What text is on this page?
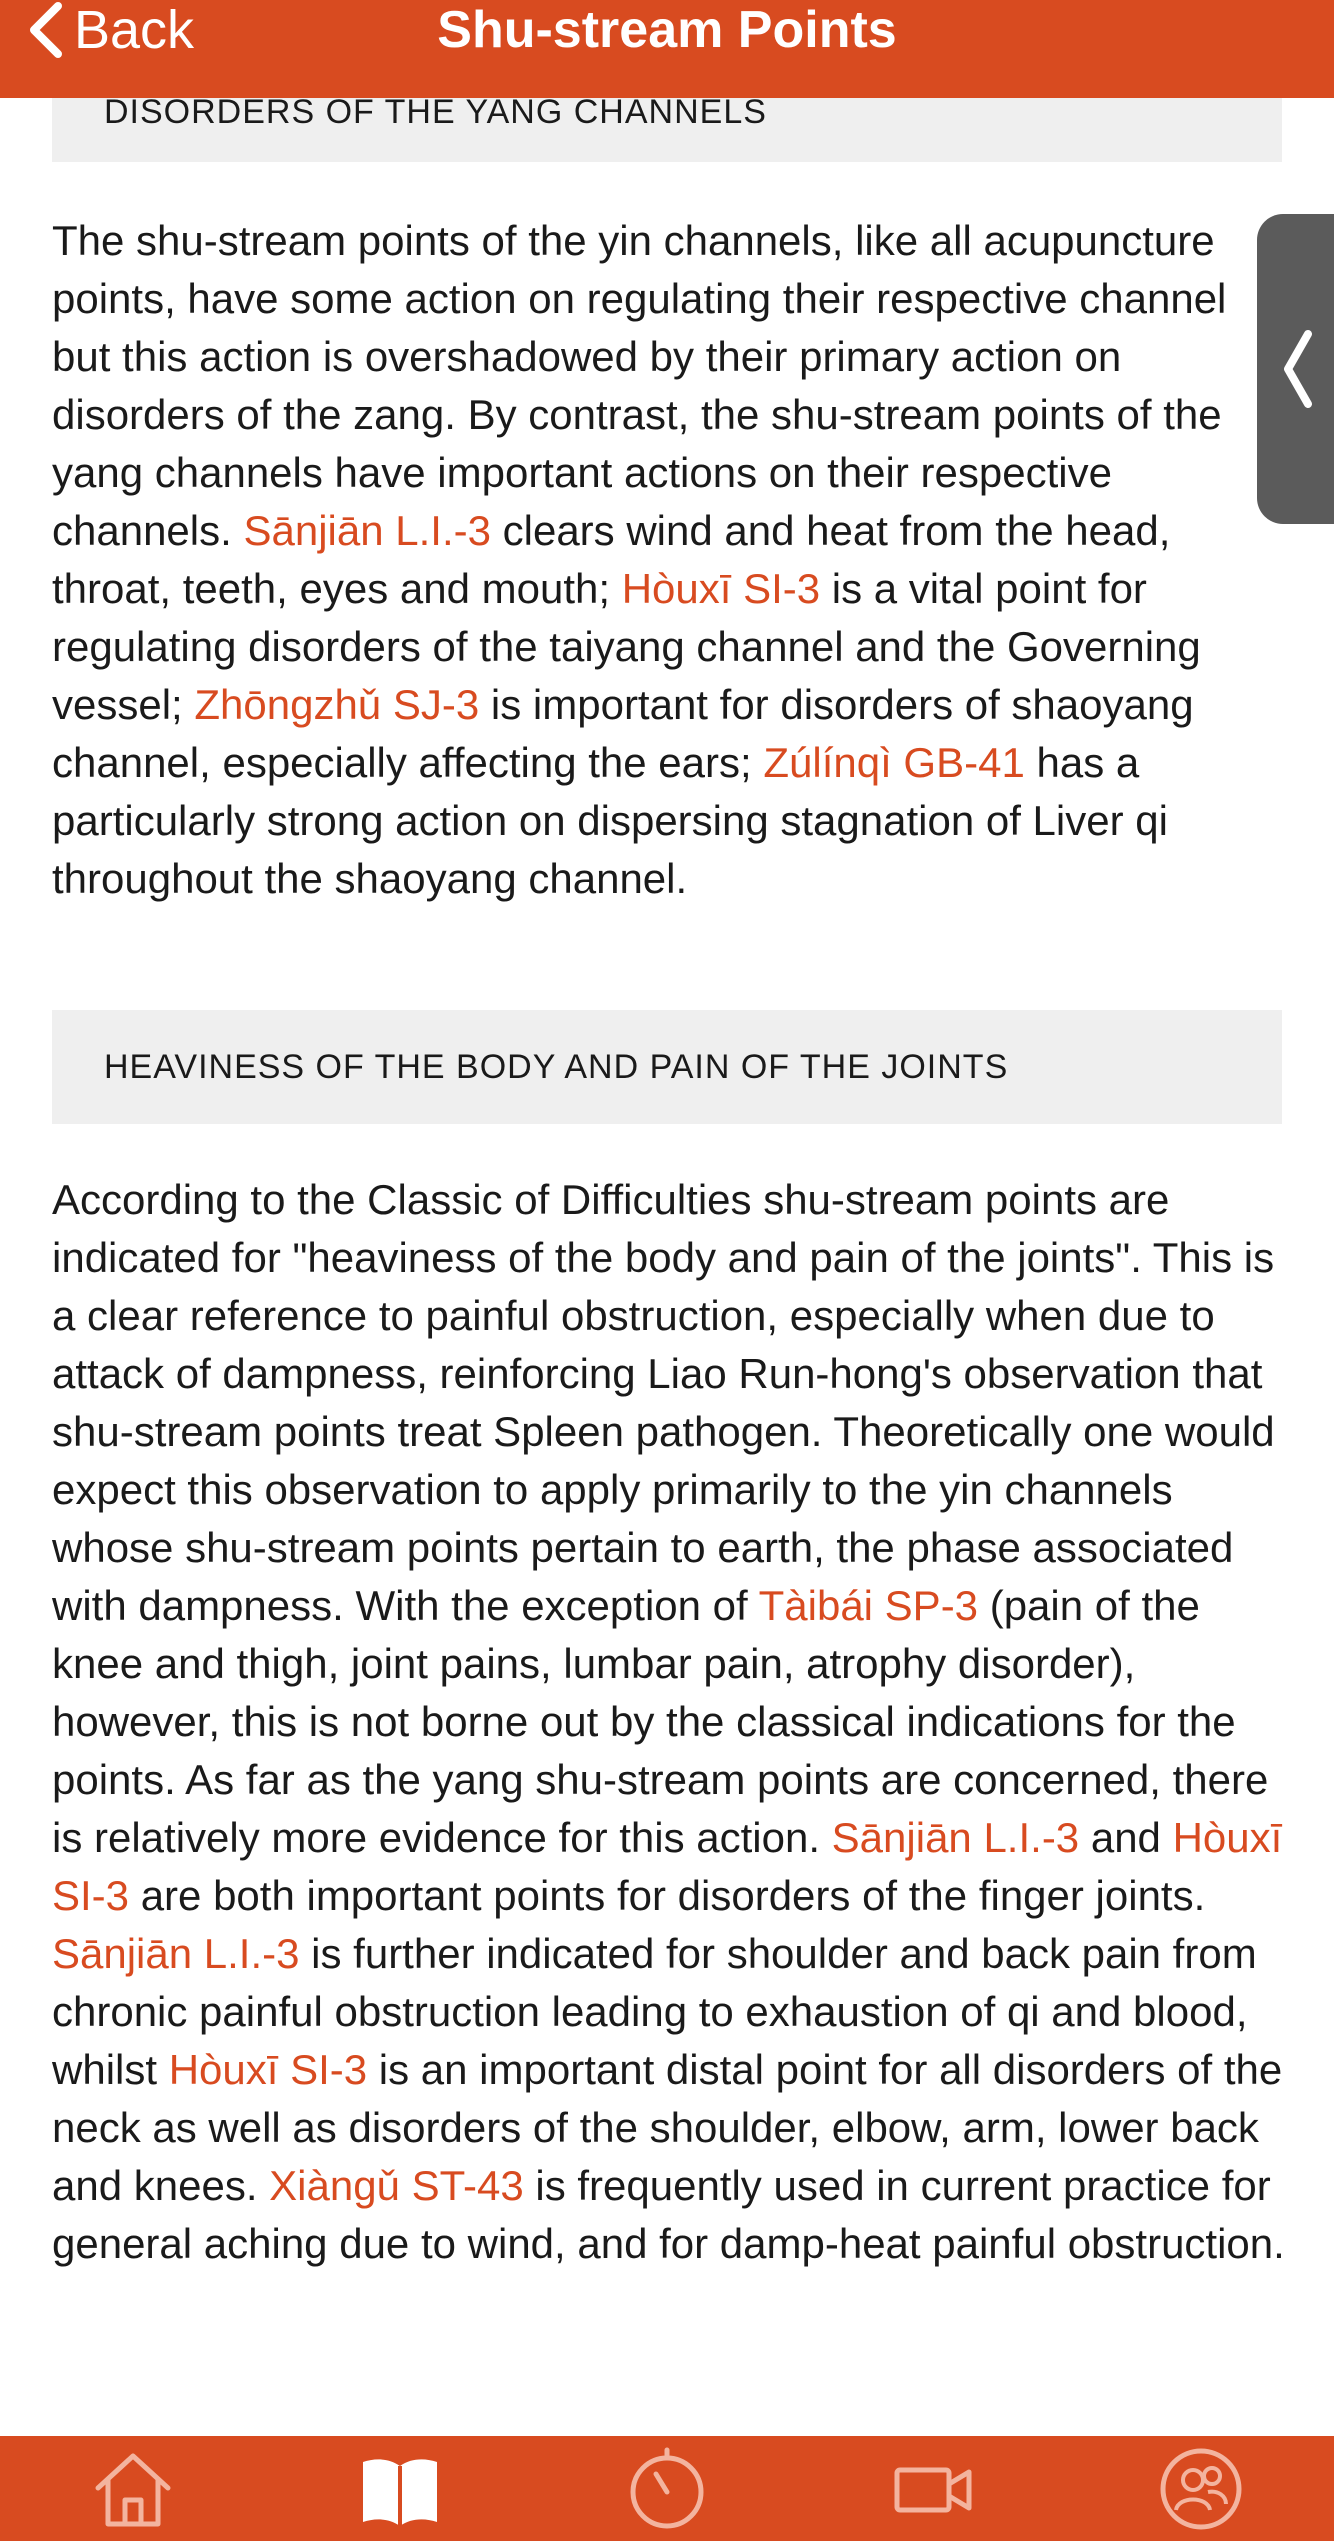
Back	Shu-stream Points
DISORDERS OF THE YANG CHANNELS

The shu-stream points of the yin channels, like all acupuncture points, have some action on regulating their respective channel but this action is overshadowed by their primary action on disorders of the zang. By contrast, the shu-stream points of the yang channels have important actions on their respective channels. Sānjiān L.I.-3 clears wind and heat from the head, throat, teeth, eyes and mouth; Hòuxī SI-3 is a vital point for regulating disorders of the taiyang channel and the Governing vessel; Zhōngzhǔ SJ-3 is important for disorders of shaoyang channel, especially affecting the ears; Zúlínqì GB-41 has a particularly strong action on dispersing stagnation of Liver qi throughout the shaoyang channel.

HEAVINESS OF THE BODY AND PAIN OF THE JOINTS

According to the Classic of Difficulties shu-stream points are indicated for "heaviness of the body and pain of the joints". This is a clear reference to painful obstruction, especially when due to attack of dampness, reinforcing Liao Run-hong's observation that shu-stream points treat Spleen pathogen. Theoretically one would expect this observation to apply primarily to the yin channels whose shu-stream points pertain to earth, the phase associated with dampness. With the exception of Tàibái SP-3 (pain of the knee and thigh, joint pains, lumbar pain, atrophy disorder), however, this is not borne out by the classical indications for the points. As far as the yang shu-stream points are concerned, there is relatively more evidence for this action. Sānjiān L.I.-3 and Hòuxī SI-3 are both important points for disorders of the finger joints. Sānjiān L.I.-3 is further indicated for shoulder and back pain from chronic painful obstruction leading to exhaustion of qi and blood, whilst Hòuxī SI-3 is an important distal point for all disorders of the neck as well as disorders of the shoulder, elbow, arm, lower back and knees. Xiàngǔ ST-43 is frequently used in current practice for general aching due to wind, and for damp-heat painful obstruction.
